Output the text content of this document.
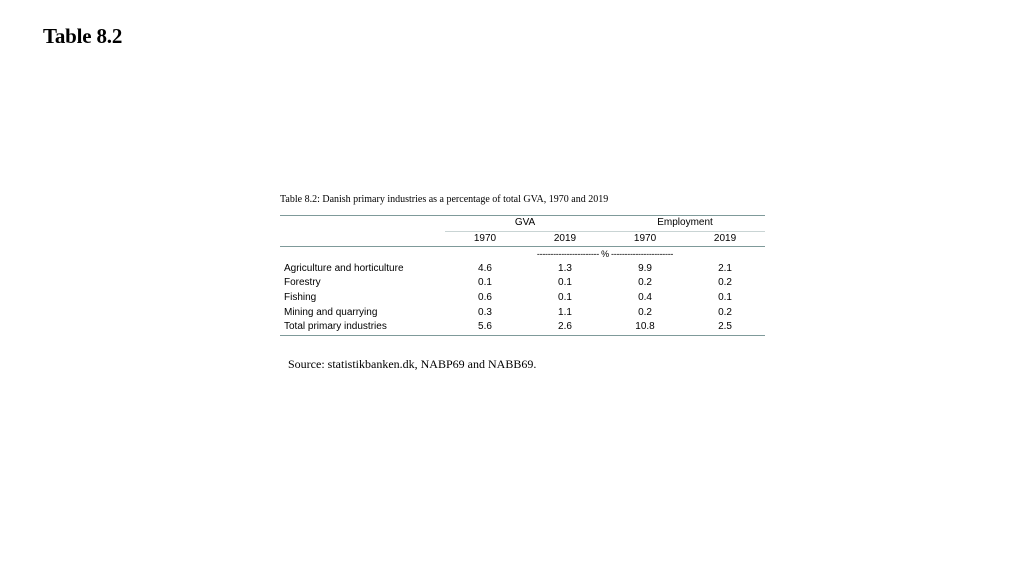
Table 8.2
Table 8.2: Danish primary industries as a percentage of total GVA, 1970 and 2019
	GVA		Employment	
	1970	2019	1970	2019
	----------------------- % -----------------------			
Agriculture and horticulture	4.6	1.3	9.9	2.1
Forestry	0.1	0.1	0.2	0.2
Fishing	0.6	0.1	0.4	0.1
Mining and quarrying	0.3	1.1	0.2	0.2
Total primary industries	5.6	2.6	10.8	2.5
Source: statistikbanken.dk, NABP69 and NABB69.
